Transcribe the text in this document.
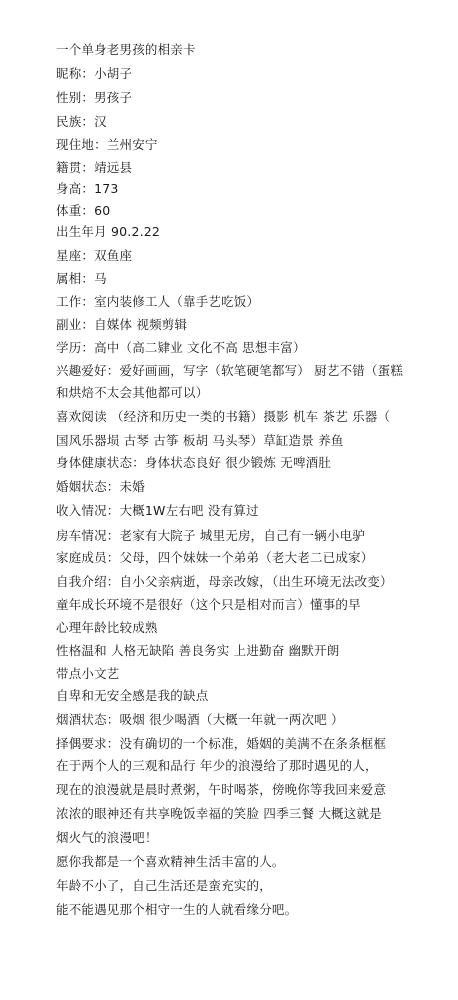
一个单身老男孩的相亲卡
昵称：小胡子
性别：男孩子
民族：汉
现住地：兰州安宁
籍贯：靖远县
身高：173
体重：60
出生年月 90.2.22
星座：双鱼座
属相：马
工作：室内装修工人（靠手艺吃饭）
副业：自媒体 视频剪辑
学历：高中（高二肄业 文化不高 思想丰富）
兴趣爱好：爱好画画，写字（软笔硬笔都写） 厨艺不错（蛋糕
和烘焙不太会其他都可以）
喜欢阅读 （经济和历史一类的书籍）摄影 机车 茶艺 乐器（
国风乐器埙 古琴 古筝 板胡 马头琴）草缸造景 养鱼
身体健康状态：身体状态良好 很少锻炼 无啤酒肚
婚姻状态：未婚
收入情况：大概1W左右吧 没有算过
房车情况：老家有大院子 城里无房，自己有一辆小电驴
家庭成员：父母，四个妹妹一个弟弟（老大老二已成家）
自我介绍：自小父亲病逝，母亲改嫁，（出生环境无法改变）
童年成长环境不是很好（这个只是相对而言）懂事的早
心理年龄比较成熟
性格温和 人格无缺陷 善良务实 上进勤奋 幽默开朗
带点小文艺
自卑和无安全感是我的缺点
烟酒状态：吸烟 很少喝酒（大概一年就一两次吧 ）
择偶要求：没有确切的一个标准，婚姻的美满不在条条框框
在于两个人的三观和品行 年少的浪漫给了那时遇见的人，
现在的浪漫就是晨时煮粥，午时喝茶，傍晚你等我回来爱意
浓浓的眼神还有共享晚饭幸福的笑脸 四季三餐 大概这就是
烟火气的浪漫吧！
愿你我都是一个喜欢精神生活丰富的人。
年龄不小了，自己生活还是蛮充实的，
能不能遇见那个相守一生的人就看缘分吧。
